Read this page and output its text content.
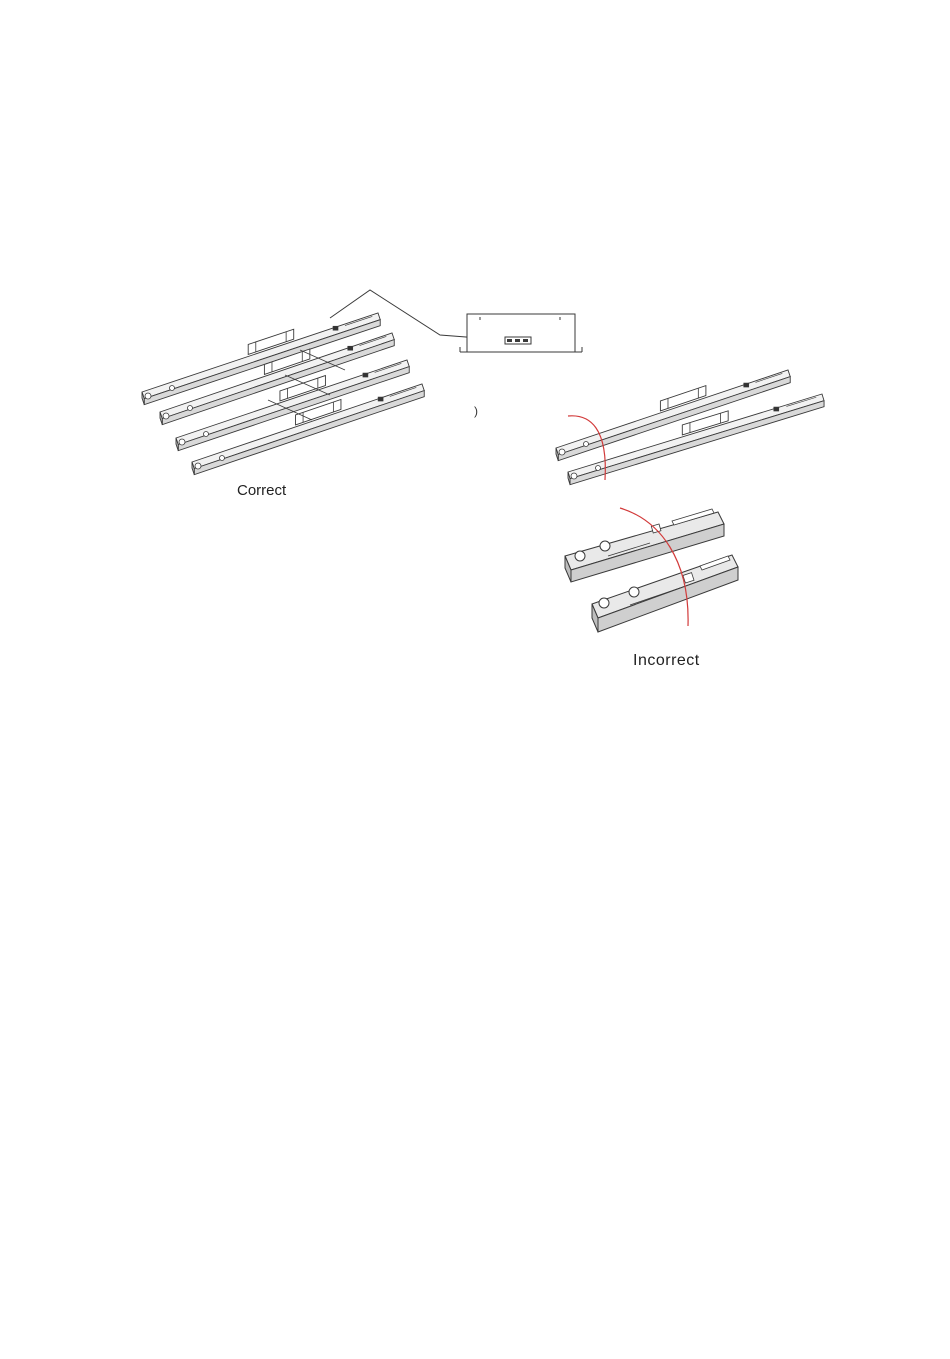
Correct
Incorrect
)
